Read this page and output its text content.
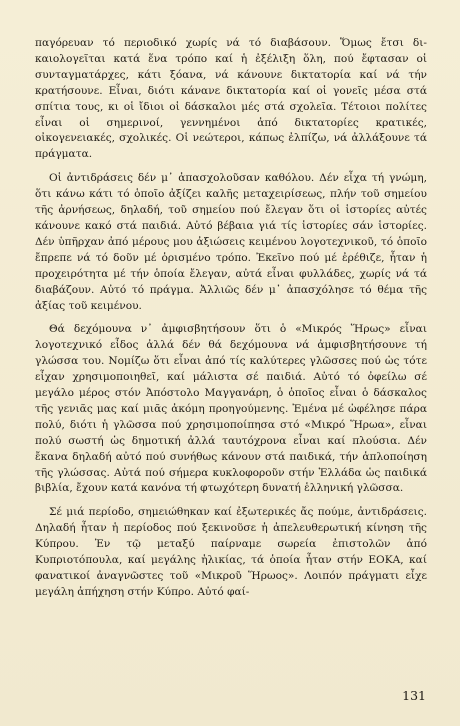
παγόρευαν τό περιοδικό χωρίς νά τό διαβάσουν. Ὅμως ἔτσι δικαιολογεῖται κατά ἕνα τρόπο καί ἡ ἐξέλιξη ὅλη, πού ἔφτασαν οἱ συνταγματάρχες, κάτι ξόανα, νά κάνουνε δικτατορία καί νά τήν κρατήσουνε. Εἶναι, διότι κάνανε δικτατορία καί οἱ γονεῖς μέσα στά σπίτια τους, κι οἱ ἴδιοι οἱ δάσκαλοι μές στά σχολεῖα. Τέτοιοι πολίτες εἶναι οἱ σημερινοί, γεννημένοι ἀπό δικτατορίες κρατικές, οἰκογενειακές, σχολικές. Οἱ νεώτεροι, κάπως ἐλπίζω, νά ἀλλάξουνε τά πράγματα.

Οἱ ἀντιδράσεις δέν μ᾽ ἀπασχολοῦσαν καθόλου. Δέν εἶχα τή γνώμη, ὅτι κάνω κάτι τό ὁποῖο ἀξίζει καλῆς μεταχειρίσεως, πλήν τοῦ σημείου τῆς ἀρνήσεως, δηλαδή, τοῦ σημείου πού ἔλεγαν ὅτι οἱ ἱστορίες αὐτές κάνουνε κακό στά παιδιά. Αὐτό βέβαια γιά τίς ἱστορίες σάν ἱστορίες. Δέν ὑπῆρχαν ἀπό μέρους μου ἀξιώσεις κειμένου λογοτεχνικοῦ, τό ὁποῖο ἔπρεπε νά τό δοῦν μέ ὁρισμένο τρόπο. Ἐκεῖνο πού μέ ἐρέθιζε, ἦταν ἡ προχειρότητα μέ τήν ὁποία ἔλεγαν, αὐτά εἶναι φυλλάδες, χωρίς νά τά διαβάζουν. Αὐτό τό πράγμα. Ἀλλιῶς δέν μ᾽ ἀπασχόλησε τό θέμα τῆς ἀξίας τοῦ κειμένου.

Θά δεχόμουνα ν᾽ ἀμφισβητήσουν ὅτι ὁ «Μικρός Ἥρως» εἶναι λογοτεχνικό εἶδος ἀλλά δέν θά δεχόμουνα νά ἀμφισβητήσουνε τή γλώσσα του. Νομίζω ὅτι εἶναι ἀπό τίς καλύτερες γλῶσσες πού ὡς τότε εἶχαν χρησιμοποιηθεῖ, καί μάλιστα σέ παιδιά. Αὐτό τό ὀφείλω σέ μεγάλο μέρος στόν Ἀπόστολο Μαγγανάρη, ὁ ὁποῖος εἶναι ὁ δάσκαλος τῆς γενιᾶς μας καί μιᾶς ἀκόμη προηγούμενης. Ἐμένα μέ ὠφέλησε πάρα πολύ, διότι ἡ γλῶσσα πού χρησιμοποίπησα στό «Μικρό Ἥρωα», εἶναι πολύ σωστή ὡς δημοτική ἀλλά ταυτόχρονα εἶναι καί πλούσια. Δέν ἔκανα δηλαδή αὐτό πού συνήθως κάνουν στά παιδικά, τήν ἁπλοποίηση τῆς γλώσσας. Αὐτά πού σήμερα κυκλοφοροῦν στήν Ἑλλάδα ὡς παιδικά βιβλία, ἔχουν κατά κανόνα τή φτωχότερη δυνατή ἑλληνική γλῶσσα.

Σέ μιά περίοδο, σημειώθηκαν καί ἐξωτερικές ἄς πούμε, ἀντιδράσεις. Δηλαδή ἦταν ἡ περίοδος πού ξεκινοῦσε ἡ ἀπελευθερωτική κίνηση τῆς Κύπρου. Ἐν τῷ μεταξύ παίρναμε σωρεία ἐπιστολῶν ἀπό Κυπριοτόπουλα, καί μεγάλης ἡλικίας, τά ὁποία ἦταν στήν ΕΟΚΑ, καί φανατικοί ἀναγνῶστες τοῦ «Μικροῦ Ἥρωος». Λοιπόν πράγματι εἶχε μεγάλη ἀπήχηση στήν Κύπρο. Αὐτό φαί-

131
